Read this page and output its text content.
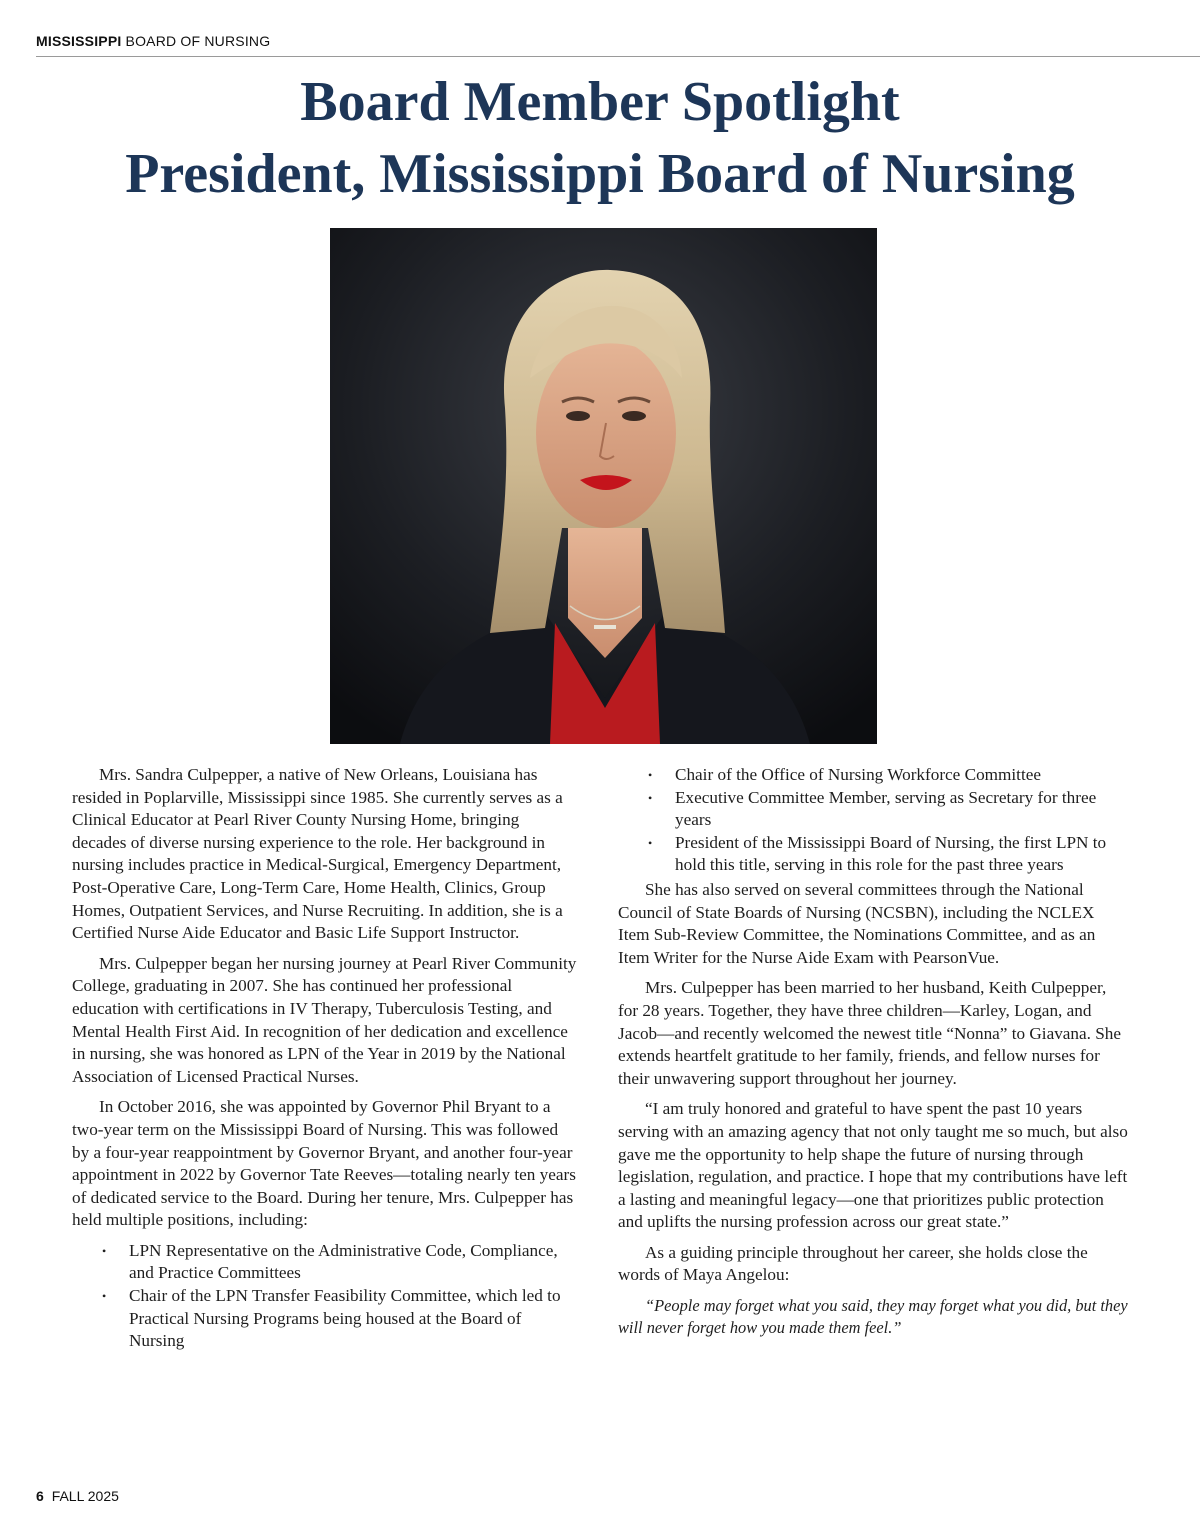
MISSISSIPPI BOARD OF NURSING
Board Member Spotlight
President, Mississippi Board of Nursing

Mrs. Sandra Culpepper, a native of New Orleans, Louisiana has resided in Poplarville, Mississippi since 1985. She currently serves as a Clinical Educator at Pearl River County Nursing Home, bringing decades of diverse nursing experience to the role. Her background in nursing includes practice in Medical-Surgical, Emergency Department, Post-Operative Care, Long-Term Care, Home Health, Clinics, Group Homes, Outpatient Services, and Nurse Recruiting. In addition, she is a Certified Nurse Aide Educator and Basic Life Support Instructor.

Mrs. Culpepper began her nursing journey at Pearl River Community College, graduating in 2007. She has continued her professional education with certifications in IV Therapy, Tuberculosis Testing, and Mental Health First Aid. In recognition of her dedication and excellence in nursing, she was honored as LPN of the Year in 2019 by the National Association of Licensed Practical Nurses.

In October 2016, she was appointed by Governor Phil Bryant to a two-year term on the Mississippi Board of Nursing. This was followed by a four-year reappointment by Governor Bryant, and another four-year appointment in 2022 by Governor Tate Reeves—totaling nearly ten years of dedicated service to the Board. During her tenure, Mrs. Culpepper has held multiple positions, including:

• LPN Representative on the Administrative Code, Compliance, and Practice Committees
• Chair of the LPN Transfer Feasibility Committee, which led to Practical Nursing Programs being housed at the Board of Nursing
• Chair of the Office of Nursing Workforce Committee
• Executive Committee Member, serving as Secretary for three years
• President of the Mississippi Board of Nursing, the first LPN to hold this title, serving in this role for the past three years

She has also served on several committees through the National Council of State Boards of Nursing (NCSBN), including the NCLEX Item Sub-Review Committee, the Nominations Committee, and as an Item Writer for the Nurse Aide Exam with PearsonVue.

Mrs. Culpepper has been married to her husband, Keith Culpepper, for 28 years. Together, they have three children—Karley, Logan, and Jacob—and recently welcomed the newest title “Nonna” to Giavana. She extends heartfelt gratitude to her family, friends, and fellow nurses for their unwavering support throughout her journey.

“I am truly honored and grateful to have spent the past 10 years serving with an amazing agency that not only taught me so much, but also gave me the opportunity to help shape the future of nursing through legislation, regulation, and practice. I hope that my contributions have left a lasting and meaningful legacy—one that prioritizes public protection and uplifts the nursing profession across our great state.”

As a guiding principle throughout her career, she holds close the words of Maya Angelou:

“People may forget what you said, they may forget what you did, but they will never forget how you made them feel.”

6 FALL 2025
